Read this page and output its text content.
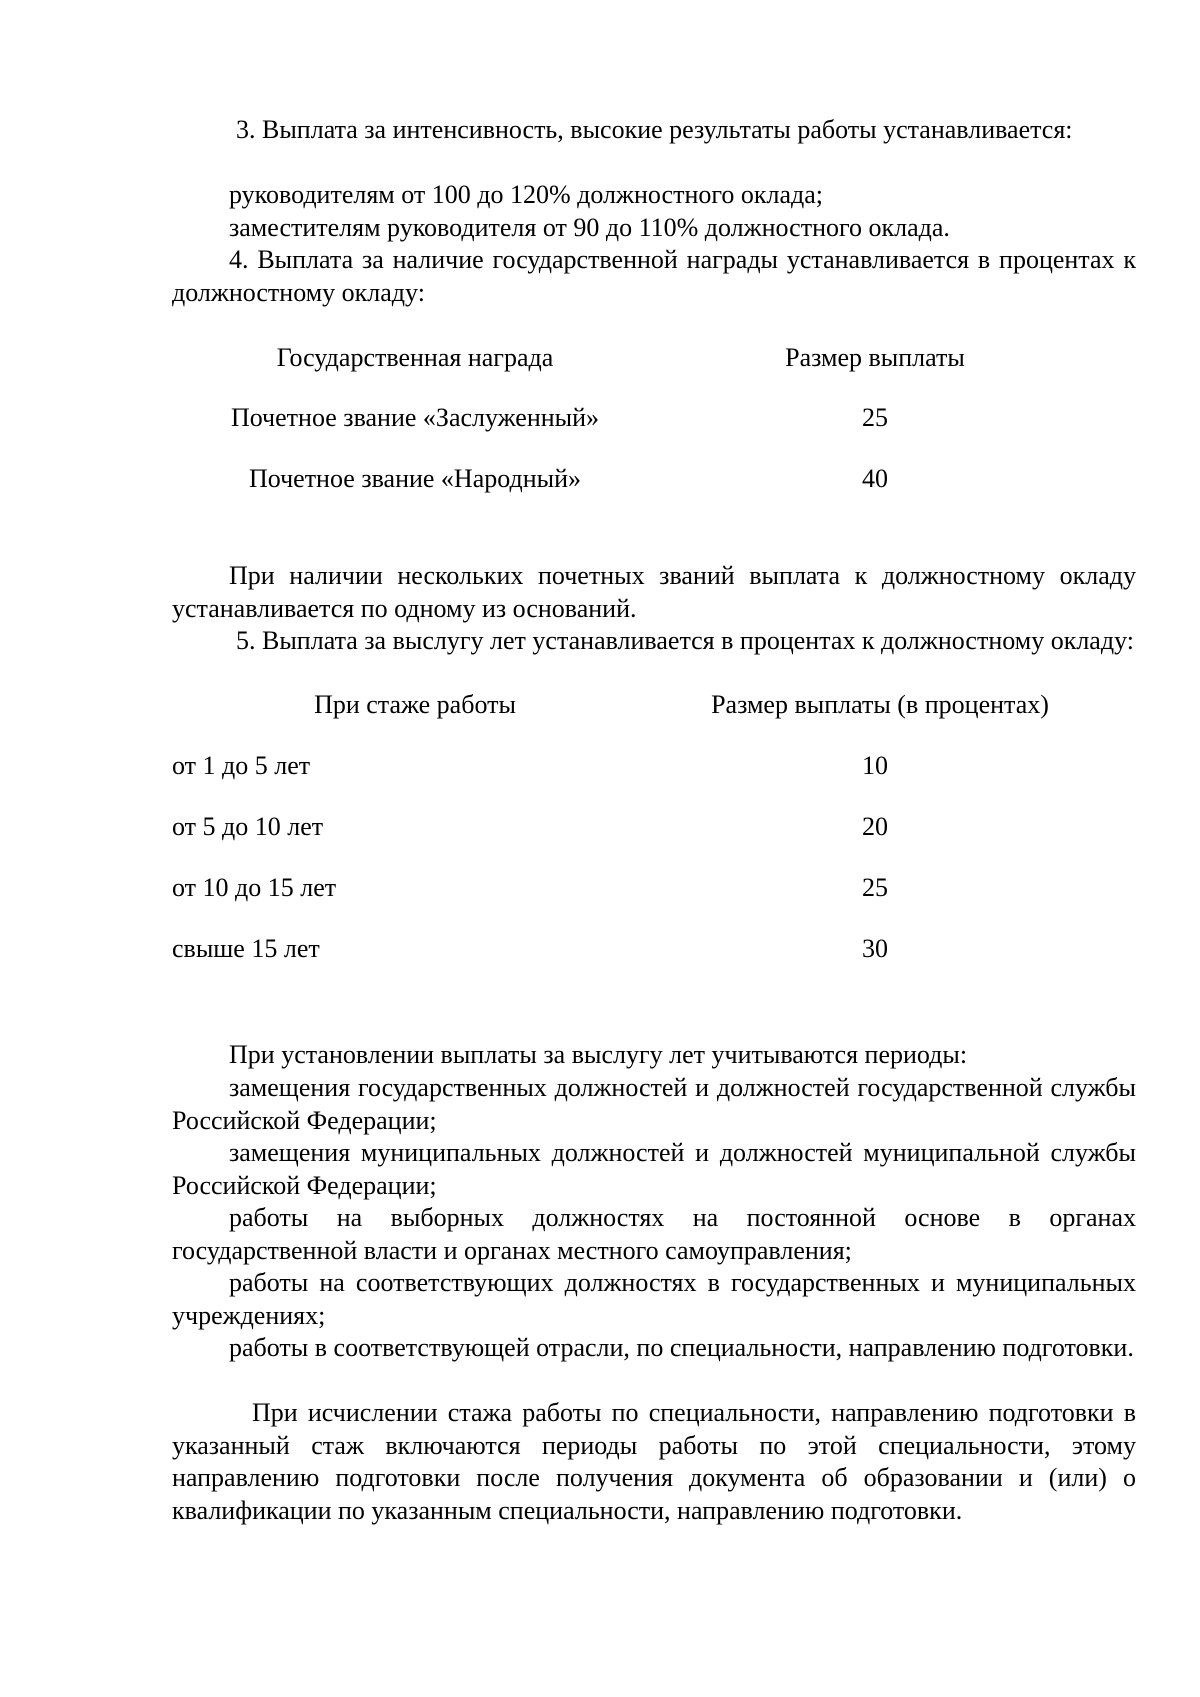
3. Выплата за интенсивность, высокие результаты работы устанавливается:

руководителям от 100 до 120% должностного оклада;

заместителям руководителя от 90 до 110% должностного оклада.

4. Выплата за наличие государственной награды устанавливается в процентах к должностному окладу:

Государственная награда	Размер выплаты

Почетное звание «Заслуженный»	25

Почетное звание «Народный»	40

При наличии нескольких почетных званий выплата к должностному окладу устанавливается по одному из оснований.

5. Выплата за выслугу лет устанавливается в процентах к должностному окладу:

При стаже работы	Размер выплаты (в процентах)

от 1 до 5 лет	10

от 5 до 10 лет	20

от 10 до 15 лет	25

свыше 15 лет	30

При установлении выплаты за выслугу лет учитываются периоды:

замещения государственных должностей и должностей государственной службы Российской Федерации;

замещения муниципальных должностей и должностей муниципальной службы Российской Федерации;

работы на выборных должностях на постоянной основе в органах государственной власти и органах местного самоуправления;

работы на соответствующих должностях в государственных и муниципальных учреждениях;

работы в соответствующей отрасли, по специальности, направлению подготовки.

При исчислении стажа работы по специальности, направлению подготовки в указанный стаж включаются периоды работы по этой специальности, этому направлению подготовки после получения документа об образовании и (или) о квалификации по указанным специальности, направлению подготовки.
